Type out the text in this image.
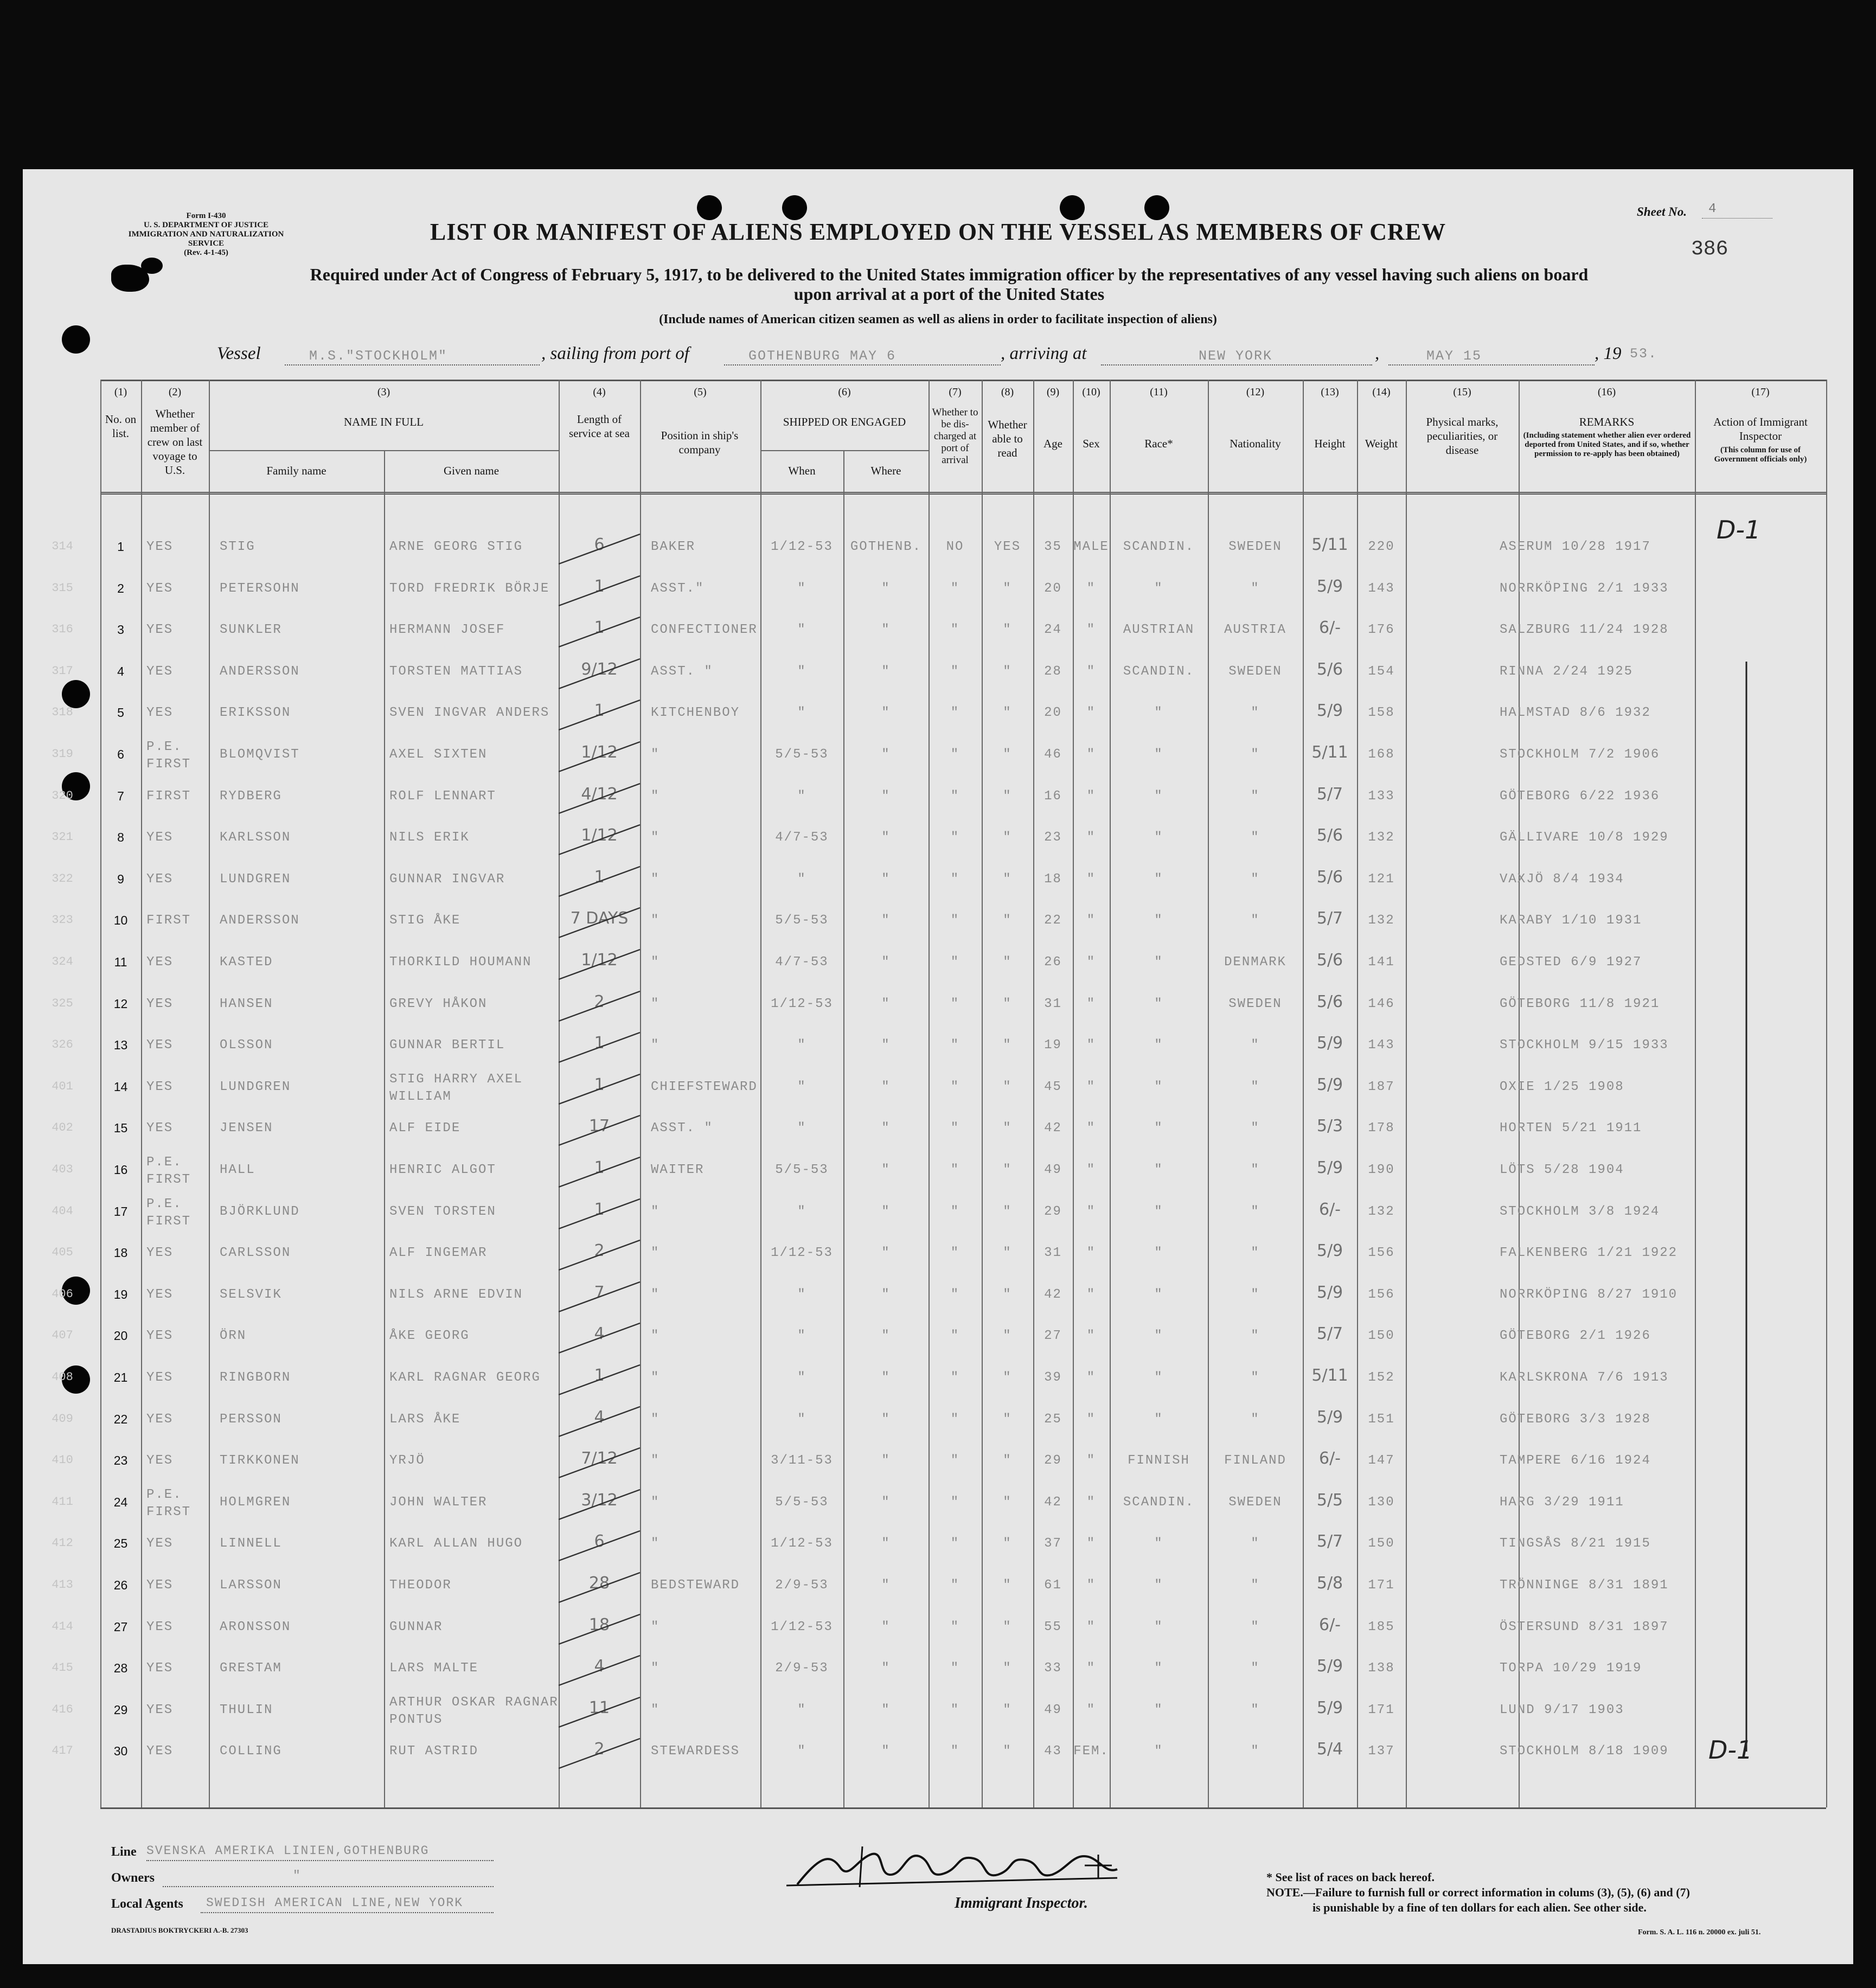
Form I-430
U. S. DEPARTMENT OF JUSTICE
IMMIGRATION AND NATURALIZATION SERVICE
(Rev. 4-1-45)
LIST OR MANIFEST OF ALIENS EMPLOYED ON THE VESSEL AS MEMBERS OF CREW
Required under Act of Congress of February 5, 1917, to be delivered to the United States immigration officer by the representatives of any vessel having such aliens on board
upon arrival at a port of the United States
(Include names of American citizen seamen as well as aliens in order to facilitate inspection of aliens)
Sheet No. 4
386
Vessel	M.S."STOCKHOLM"	, sailing from port of	GOTHENBURG MAY 6	, arriving at	NEW YORK	,	MAY 15	, 19 53.
(1)	(2)	(3)	(4)	(5)	(6)	(7)	(8)	(9)	(10)	(11)	(12)	(13)	(14)	(15)	(16)	(17)
No. on list.
Whether member of crew on last voyage to U.S.
NAME IN FULL
Family name	Given name
Length of service at sea	Position in ship's company
SHIPPED OR ENGAGED
When	Where
Whether to be dis-charged at port of arrival
Whether able to read
Age	Sex	Race*	Nationality	Height	Weight
Physical marks, peculiarities, or disease
REMARKS
(Including statement whether alien ever ordered deported from United States, and if so, whether permission to re-apply has been obtained)
Action of Immigrant Inspector
(This column for use of Government officials only)
1	YES	STIG	ARNE GEORG STIG	6	BAKER	1/12-53	GOTHENB.	NO	YES	35 MALE	SCANDIN.	SWEDEN	5/11	220	ASERUM 10/28 1917
314
2	YES	PETERSOHN	TORD FREDRIK BÖRJE	1	ASST."	"	"	"	"	20	"	"	"	5/9	143	NORRKÖPING 2/1 1933
315
3	YES	SUNKLER	HERMANN JOSEF	1	CONFECTIONER	"	"	"	"	24	"	AUSTRIAN	AUSTRIA	6/-	176	SALZBURG 11/24 1928
316
4	YES	ANDERSSON	TORSTEN MATTIAS	9/12	ASST. "	"	"	"	"	28	"	SCANDIN.	SWEDEN	5/6	154	RINNA 2/24 1925
317
5	YES	ERIKSSON	SVEN INGVAR ANDERS	1	KITCHENBOY	"	"	"	"	20	"	"	"	5/9	158	HALMSTAD 8/6 1932
318
6	P.E. FIRST
BLOMQVIST	AXEL SIXTEN	1/12	"	5/5-53	"	"	"	46	"	"	"	5/11	168	STOCKHOLM 7/2 1906
319
7	FIRST	RYDBERG	ROLF LENNART	4/12	"	"	"	"	"	16	"	"	"	5/7	133	GÖTEBORG 6/22 1936
320
8	YES	KARLSSON	NILS ERIK	1/12	"	4/7-53	"	"	"	23	"	"	"	5/6	132	GÄLLIVARE 10/8 1929
321
9	YES	LUNDGREN	GUNNAR INGVAR	1	"	"	"	"	"	18	"	"	"	5/6	121	VAXJÖ 8/4 1934
322
10	FIRST	ANDERSSON	STIG ÅKE	7 DAYS	"	5/5-53	"	"	"	22	"	"	"	5/7	132	KARABY 1/10 1931
323
11	YES	KASTED	THORKILD HOUMANN	1/12	"	4/7-53	"	"	"	26	"	"	DENMARK	5/6	141	GEDSTED 6/9 1927
324
12	YES	HANSEN	GREVY HÅKON	2	"	1/12-53	"	"	"	31	"	"	SWEDEN	5/6	146	GÖTEBORG 11/8 1921
325
13	YES	OLSSON	GUNNAR BERTIL	1	"	"	"	"	"	19	"	"	"	5/9	143	STOCKHOLM 9/15 1933
326
14	YES	LUNDGREN
STIG HARRY AXEL WILLIAM
1	CHIEFSTEWARD	"	"	"	"	45	"	"	"	5/9	187	OXIE 1/25 1908
401
15	YES	JENSEN	ALF EIDE	17	ASST. "	"	"	"	"	42	"	"	"	5/3	178	HORTEN 5/21 1911
402
16	P.E. FIRST
HALL	HENRIC ALGOT	1	WAITER	5/5-53	"	"	"	49	"	"	"	5/9	190	LÖTS 5/28 1904
403
17	P.E. FIRST
BJÖRKLUND	SVEN TORSTEN	1	"	"	"	"	"	29	"	"	"	6/-	132	STOCKHOLM 3/8 1924
404
18	YES	CARLSSON	ALF INGEMAR	2	"	1/12-53	"	"	"	31	"	"	"	5/9	156	FALKENBERG 1/21 1922
405
19	YES	SELSVIK	NILS ARNE EDVIN	7	"	"	"	"	"	42	"	"	"	5/9	156	NORRKÖPING 8/27 1910
406
20	YES	ÖRN	ÅKE GEORG	4	"	"	"	"	"	27	"	"	"	5/7	150	GÖTEBORG 2/1 1926
407
21	YES	RINGBORN	KARL RAGNAR GEORG	1	"	"	"	"	"	39	"	"	"	5/11	152	KARLSKRONA 7/6 1913
408
22	YES	PERSSON	LARS ÅKE	4	"	"	"	"	"	25	"	"	"	5/9	151	GÖTEBORG 3/3 1928
409
23	YES	TIRKKONEN	YRJÖ	7/12	"	3/11-53	"	"	"	29	"	FINNISH	FINLAND	6/-	147	TAMPERE 6/16 1924
410
24	P.E. FIRST
HOLMGREN	JOHN WALTER	3/12	"	5/5-53	"	"	"	42	"	SCANDIN.	SWEDEN	5/5	130	HARG 3/29 1911
411
25	YES	LINNELL	KARL ALLAN HUGO	6	"	1/12-53	"	"	"	37	"	"	"	5/7	150	TINGSÅS 8/21 1915
412
26	YES	LARSSON	THEODOR	28	BEDSTEWARD	2/9-53	"	"	"	61	"	"	"	5/8	171	TRÖNNINGE 8/31 1891
413
27	YES	ARONSSON	GUNNAR	18	"	1/12-53	"	"	"	55	"	"	"	6/-	185	ÖSTERSUND 8/31 1897
414
28	YES	GRESTAM	LARS MALTE	4	"	2/9-53	"	"	"	33	"	"	"	5/9	138	TORPA 10/29 1919
415
29	YES	THULIN
ARTHUR OSKAR RAGNAR PONTUS
11	"	"	"	"	"	49	"	"	"	5/9	171	LUND 9/17 1903
416
30	YES	COLLING	RUT ASTRID	2	STEWARDESS	"	"	"	"	43 FEM.	"	"	5/4	137	STOCKHOLM 8/18 1909
417
D-1
D-1
Line SVENSKA AMERIKA LINIEN,GOTHENBURG
Owners	"
Local Agents SWEDISH AMERICAN LINE,NEW YORK	Immigrant Inspector.
* See list of races on back hereof.
NOTE.—Failure to furnish full or correct information in colums (3), (5), (6) and (7)
is punishable by a fine of ten dollars for each alien. See other side.
DRASTADIUS BOKTRYCKERI A.-B. 27303	Form. S. A. L. 116 n. 20000 ex. juli 51.
